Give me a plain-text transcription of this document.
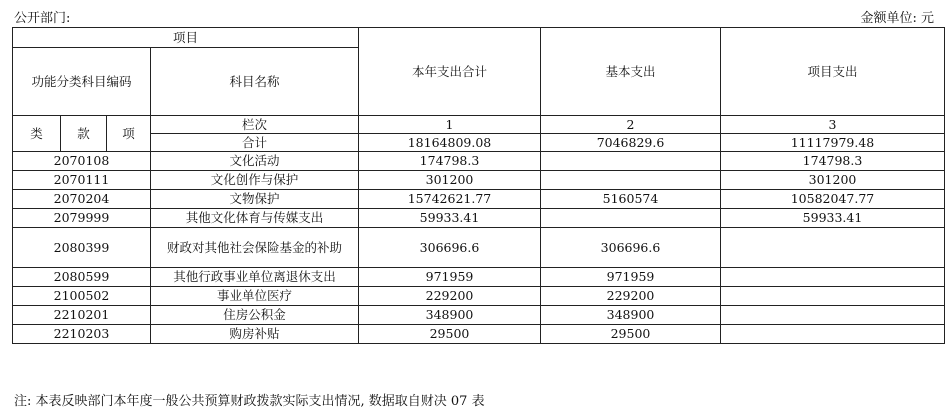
公开部门:	金额单位: 元
项目				本年支出合计	基本支出	项目支出
功能分类科目编码			科目名称			
类	款	项				
			栏次	1	2	3
			合计	18164809.08	7046829.6	11117979.48
2070108			文化活动	174798.3		174798.3
2070111			文化创作与保护	301200		301200
2070204			文物保护	15742621.77	5160574	10582047.77
2079999			其他文化体育与传媒支出	59933.41		59933.41
2080399			财政对其他社会保险基金的补助	306696.6	306696.6	
2080599			其他行政事业单位离退休支出	971959	971959	
2100502			事业单位医疗	229200	229200	
2210201			住房公积金	348900	348900	
2210203			购房补贴	29500	29500	
注: 本表反映部门本年度一般公共预算财政拨款实际支出情况, 数据取自财决 07 表
